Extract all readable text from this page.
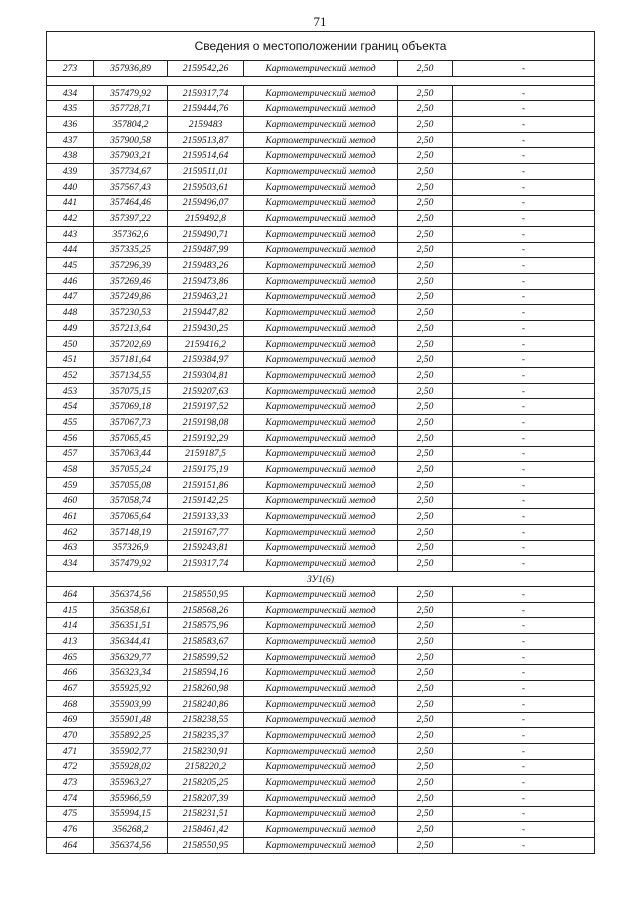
71
Сведения о местоположении границ объекта					
273	357936,89	2159542,26	Картометрический метод	2,50	-

434	357479,92	2159317,74	Картометрический метод	2,50	-
435	357728,71	2159444,76	Картометрический метод	2,50	-
436	357804,2	2159483	Картометрический метод	2,50	-
437	357900,58	2159513,87	Картометрический метод	2,50	-
438	357903,21	2159514,64	Картометрический метод	2,50	-
439	357734,67	2159511,01	Картометрический метод	2,50	-
440	357567,43	2159503,61	Картометрический метод	2,50	-
441	357464,46	2159496,07	Картометрический метод	2,50	-
442	357397,22	2159492,8	Картометрический метод	2,50	-
443	357362,6	2159490,71	Картометрический метод	2,50	-
444	357335,25	2159487,99	Картометрический метод	2,50	-
445	357296,39	2159483,26	Картометрический метод	2,50	-
446	357269,46	2159473,86	Картометрический метод	2,50	-
447	357249,86	2159463,21	Картометрический метод	2,50	-
448	357230,53	2159447,82	Картометрический метод	2,50	-
449	357213,64	2159430,25	Картометрический метод	2,50	-
450	357202,69	2159416,2	Картометрический метод	2,50	-
451	357181,64	2159384,97	Картометрический метод	2,50	-
452	357134,55	2159304,81	Картометрический метод	2,50	-
453	357075,15	2159207,63	Картометрический метод	2,50	-
454	357069,18	2159197,52	Картометрический метод	2,50	-
455	357067,73	2159198,08	Картометрический метод	2,50	-
456	357065,45	2159192,29	Картометрический метод	2,50	-
457	357063,44	2159187,5	Картометрический метод	2,50	-
458	357055,24	2159175,19	Картометрический метод	2,50	-
459	357055,08	2159151,86	Картометрический метод	2,50	-
460	357058,74	2159142,25	Картометрический метод	2,50	-
461	357065,64	2159133,33	Картометрический метод	2,50	-
462	357148,19	2159167,77	Картометрический метод	2,50	-
463	357326,9	2159243,81	Картометрический метод	2,50	-
434	357479,92	2159317,74	Картометрический метод	2,50	-
ЗУ1(6)					
464	356374,56	2158550,95	Картометрический метод	2,50	-
415	356358,61	2158568,26	Картометрический метод	2,50	-
414	356351,51	2158575,96	Картометрический метод	2,50	-
413	356344,41	2158583,67	Картометрический метод	2,50	-
465	356329,77	2158599,52	Картометрический метод	2,50	-
466	356323,34	2158594,16	Картометрический метод	2,50	-
467	355925,92	2158260,98	Картометрический метод	2,50	-
468	355903,99	2158240,86	Картометрический метод	2,50	-
469	355901,48	2158238,55	Картометрический метод	2,50	-
470	355892,25	2158235,37	Картометрический метод	2,50	-
471	355902,77	2158230,91	Картометрический метод	2,50	-
472	355928,02	2158220,2	Картометрический метод	2,50	-
473	355963,27	2158205,25	Картометрический метод	2,50	-
474	355966,59	2158207,39	Картометрический метод	2,50	-
475	355994,15	2158231,51	Картометрический метод	2,50	-
476	356268,2	2158461,42	Картометрический метод	2,50	-
464	356374,56	2158550,95	Картометрический метод	2,50	-
